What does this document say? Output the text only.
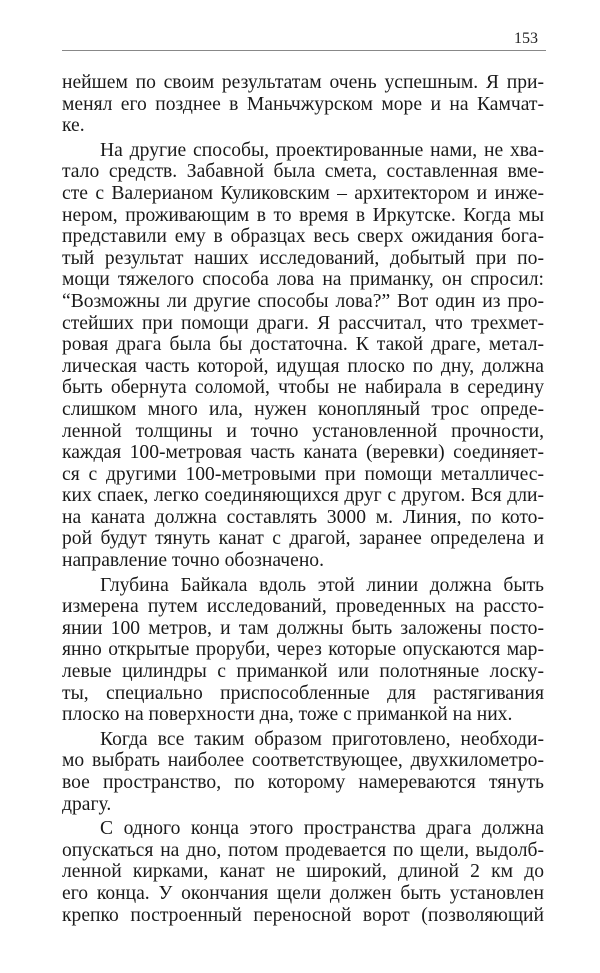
153
нейшем по своим результатам очень успешным. Я при-
менял его позднее в Маньчжурском море и на Камчат-
ке.
На другие способы, проектированные нами, не хва-
тало средств. Забавной была смета, составленная вме-
сте с Валерианом Куликовским – архитектором и инже-
нером, проживающим в то время в Иркутске. Когда мы
представили ему в образцах весь сверх ожидания бога-
тый результат наших исследований, добытый при по-
мощи тяжелого способа лова на приманку, он спросил:
“Возможны ли другие способы лова?” Вот один из про-
стейших при помощи драги. Я рассчитал, что трехмет-
ровая драга была бы достаточна. К такой драге, метал-
лическая часть которой, идущая плоско по дну, должна
быть обернута соломой, чтобы не набирала в середину
слишком много ила, нужен конопляный трос опреде-
ленной толщины и точно установленной прочности,
каждая 100-метровая часть каната (веревки) соединяет-
ся с другими 100-метровыми при помощи металличес-
ких спаек, легко соединяющихся друг с другом. Вся дли-
на каната должна составлять 3000 м. Линия, по кото-
рой будут тянуть канат с драгой, заранее определена и
направление точно обозначено.
Глубина Байкала вдоль этой линии должна быть
измерена путем исследований, проведенных на рассто-
янии 100 метров, и там должны быть заложены посто-
янно открытые проруби, через которые опускаются мар-
левые цилиндры с приманкой или полотняные лоску-
ты, специально приспособленные для растягивания
плоско на поверхности дна, тоже с приманкой на них.
Когда все таким образом приготовлено, необходи-
мо выбрать наиболее соответствующее, двухкилометро-
вое пространство, по которому намереваются тянуть
драгу.
С одного конца этого пространства драга должна
опускаться на дно, потом продевается по щели, выдолб-
ленной кирками, канат не широкий, длиной 2 км до
его конца. У окончания щели должен быть установлен
крепко построенный переносной ворот (позволяющий
